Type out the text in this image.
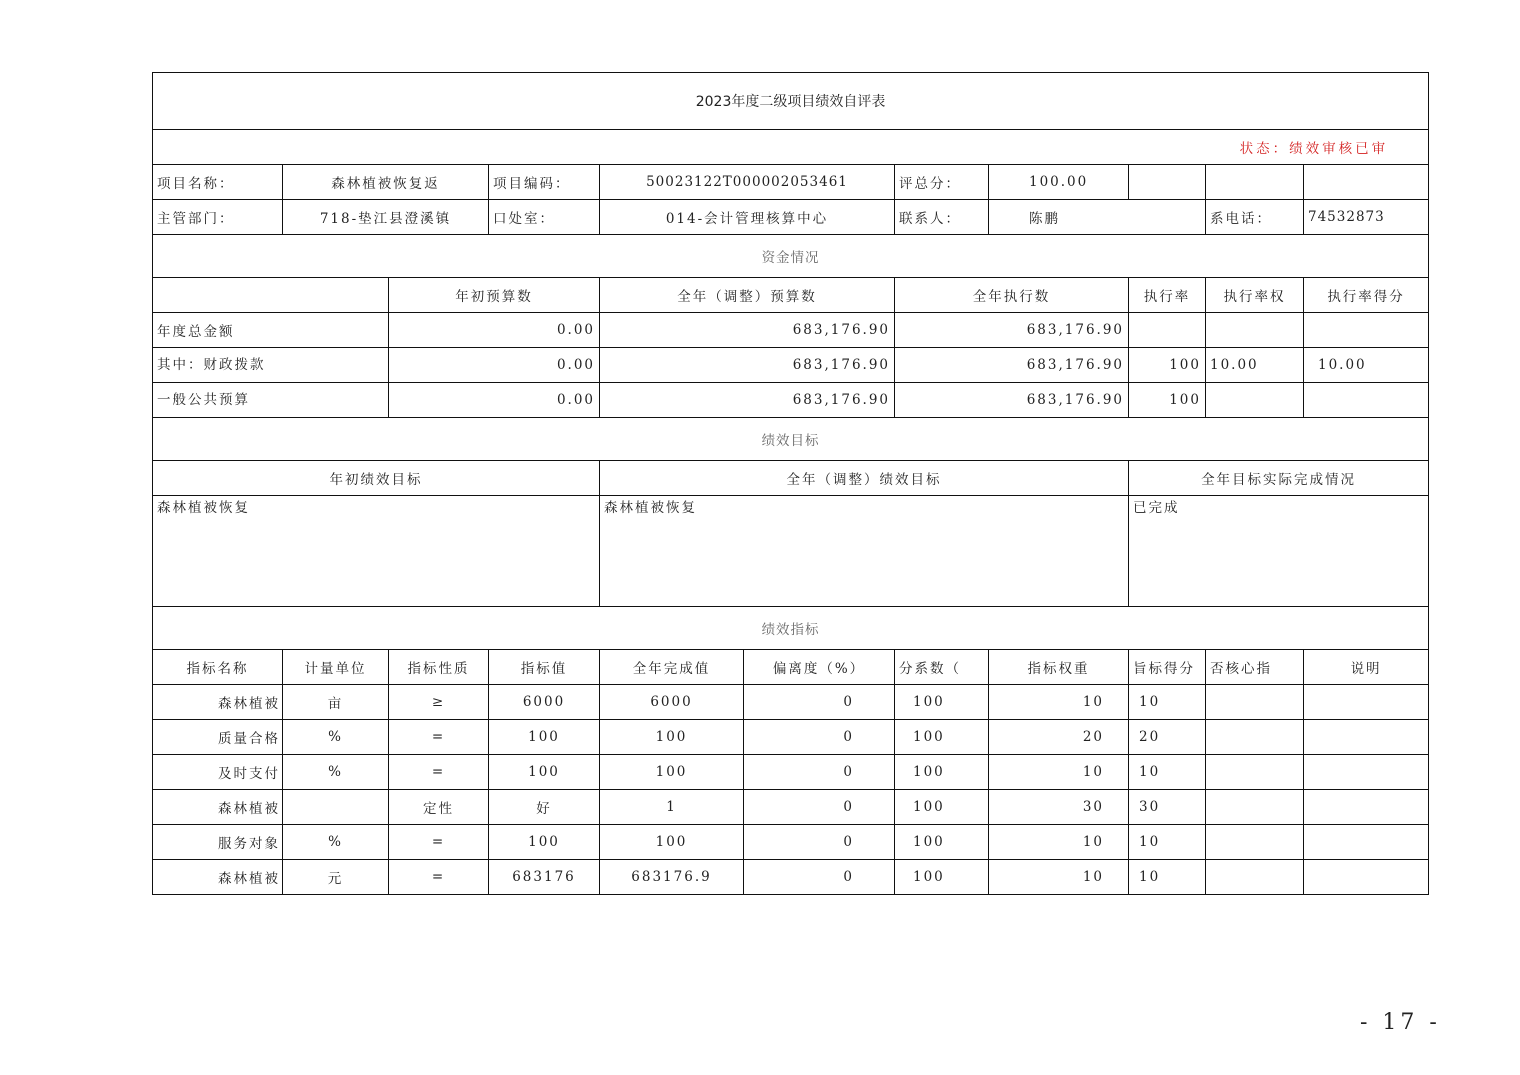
2023年度二级项目绩效自评表										
状态：绩效审核已审										
项目名称：	森林植被恢复返		项目编码：	50023122T000002053461		评总分：	100.00			
主管部门：	718-垫江县澄溪镇		口处室：	014-会计管理核算中心		联系人：	陈鹏		系电话：	74532873
资金情况										
		年初预算数		全年（调整）预算数		全年执行数		执行率	执行率权	执行率得分
年度总金额		0.00		683,176.90		683,176.90				

其中：财政拨款		0.00		683,176.90		683,176.90		100	10.00	10.00

一般公共预算		0.00		683,176.90		683,176.90		100		
绩效目标										
年初绩效目标				全年（调整）绩效目标				全年目标实际完成情况		
森林植被恢复				森林植被恢复				已完成		
绩效指标										
指标名称	计量单位	指标性质	指标值	全年完成值	偏离度（%）	分系数（	指标权重	旨标得分	否核心指	说明
森林植被	亩	≥	6000	6000	0	100	10	10		
质量合格	%	=	100	100	0	100	20	20		
及时支付	%	=	100	100	0	100	10	10		
森林植被		定性	好	1	0	100	30	30		
服务对象	%	=	100	100	0	100	10	10		
森林植被	元	=	683176	683176.9	0	100	10	10		
- 17 -
